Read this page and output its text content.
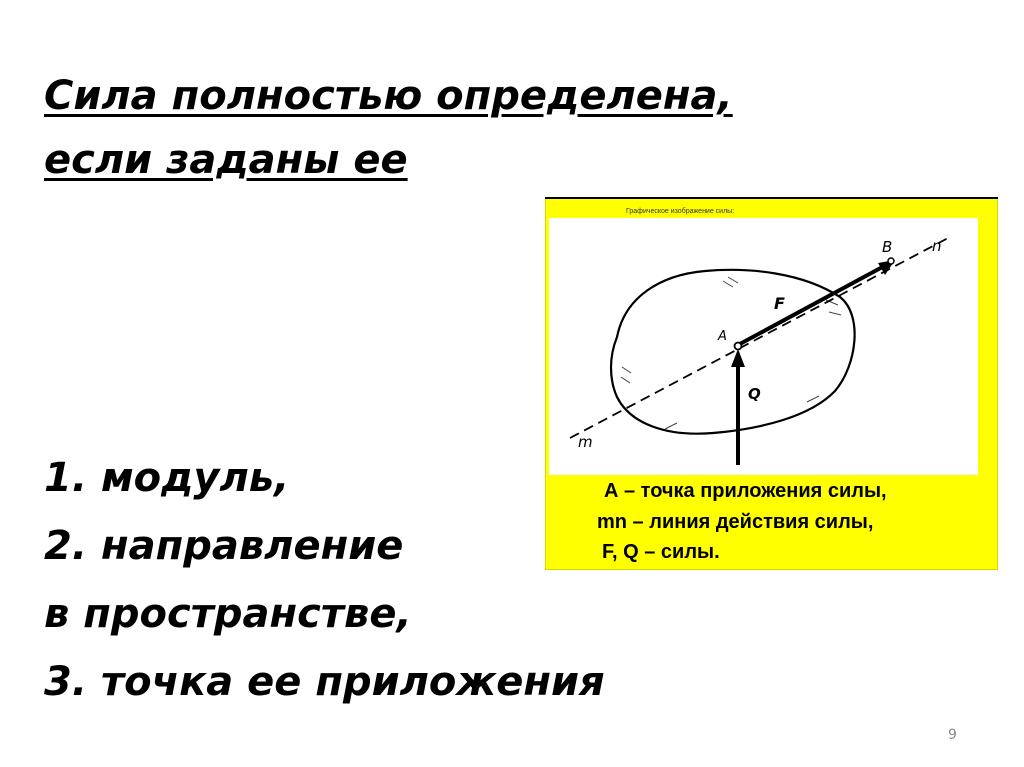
Сила полностью определена,
если заданы ее
1. модуль,
2. направление
в пространстве,
3. точка ее приложения
Графическое изображение силы:
B	n
A
F
Q
m
А – точка приложения силы,
mn – линия действия силы,
F, Q – силы.
9
